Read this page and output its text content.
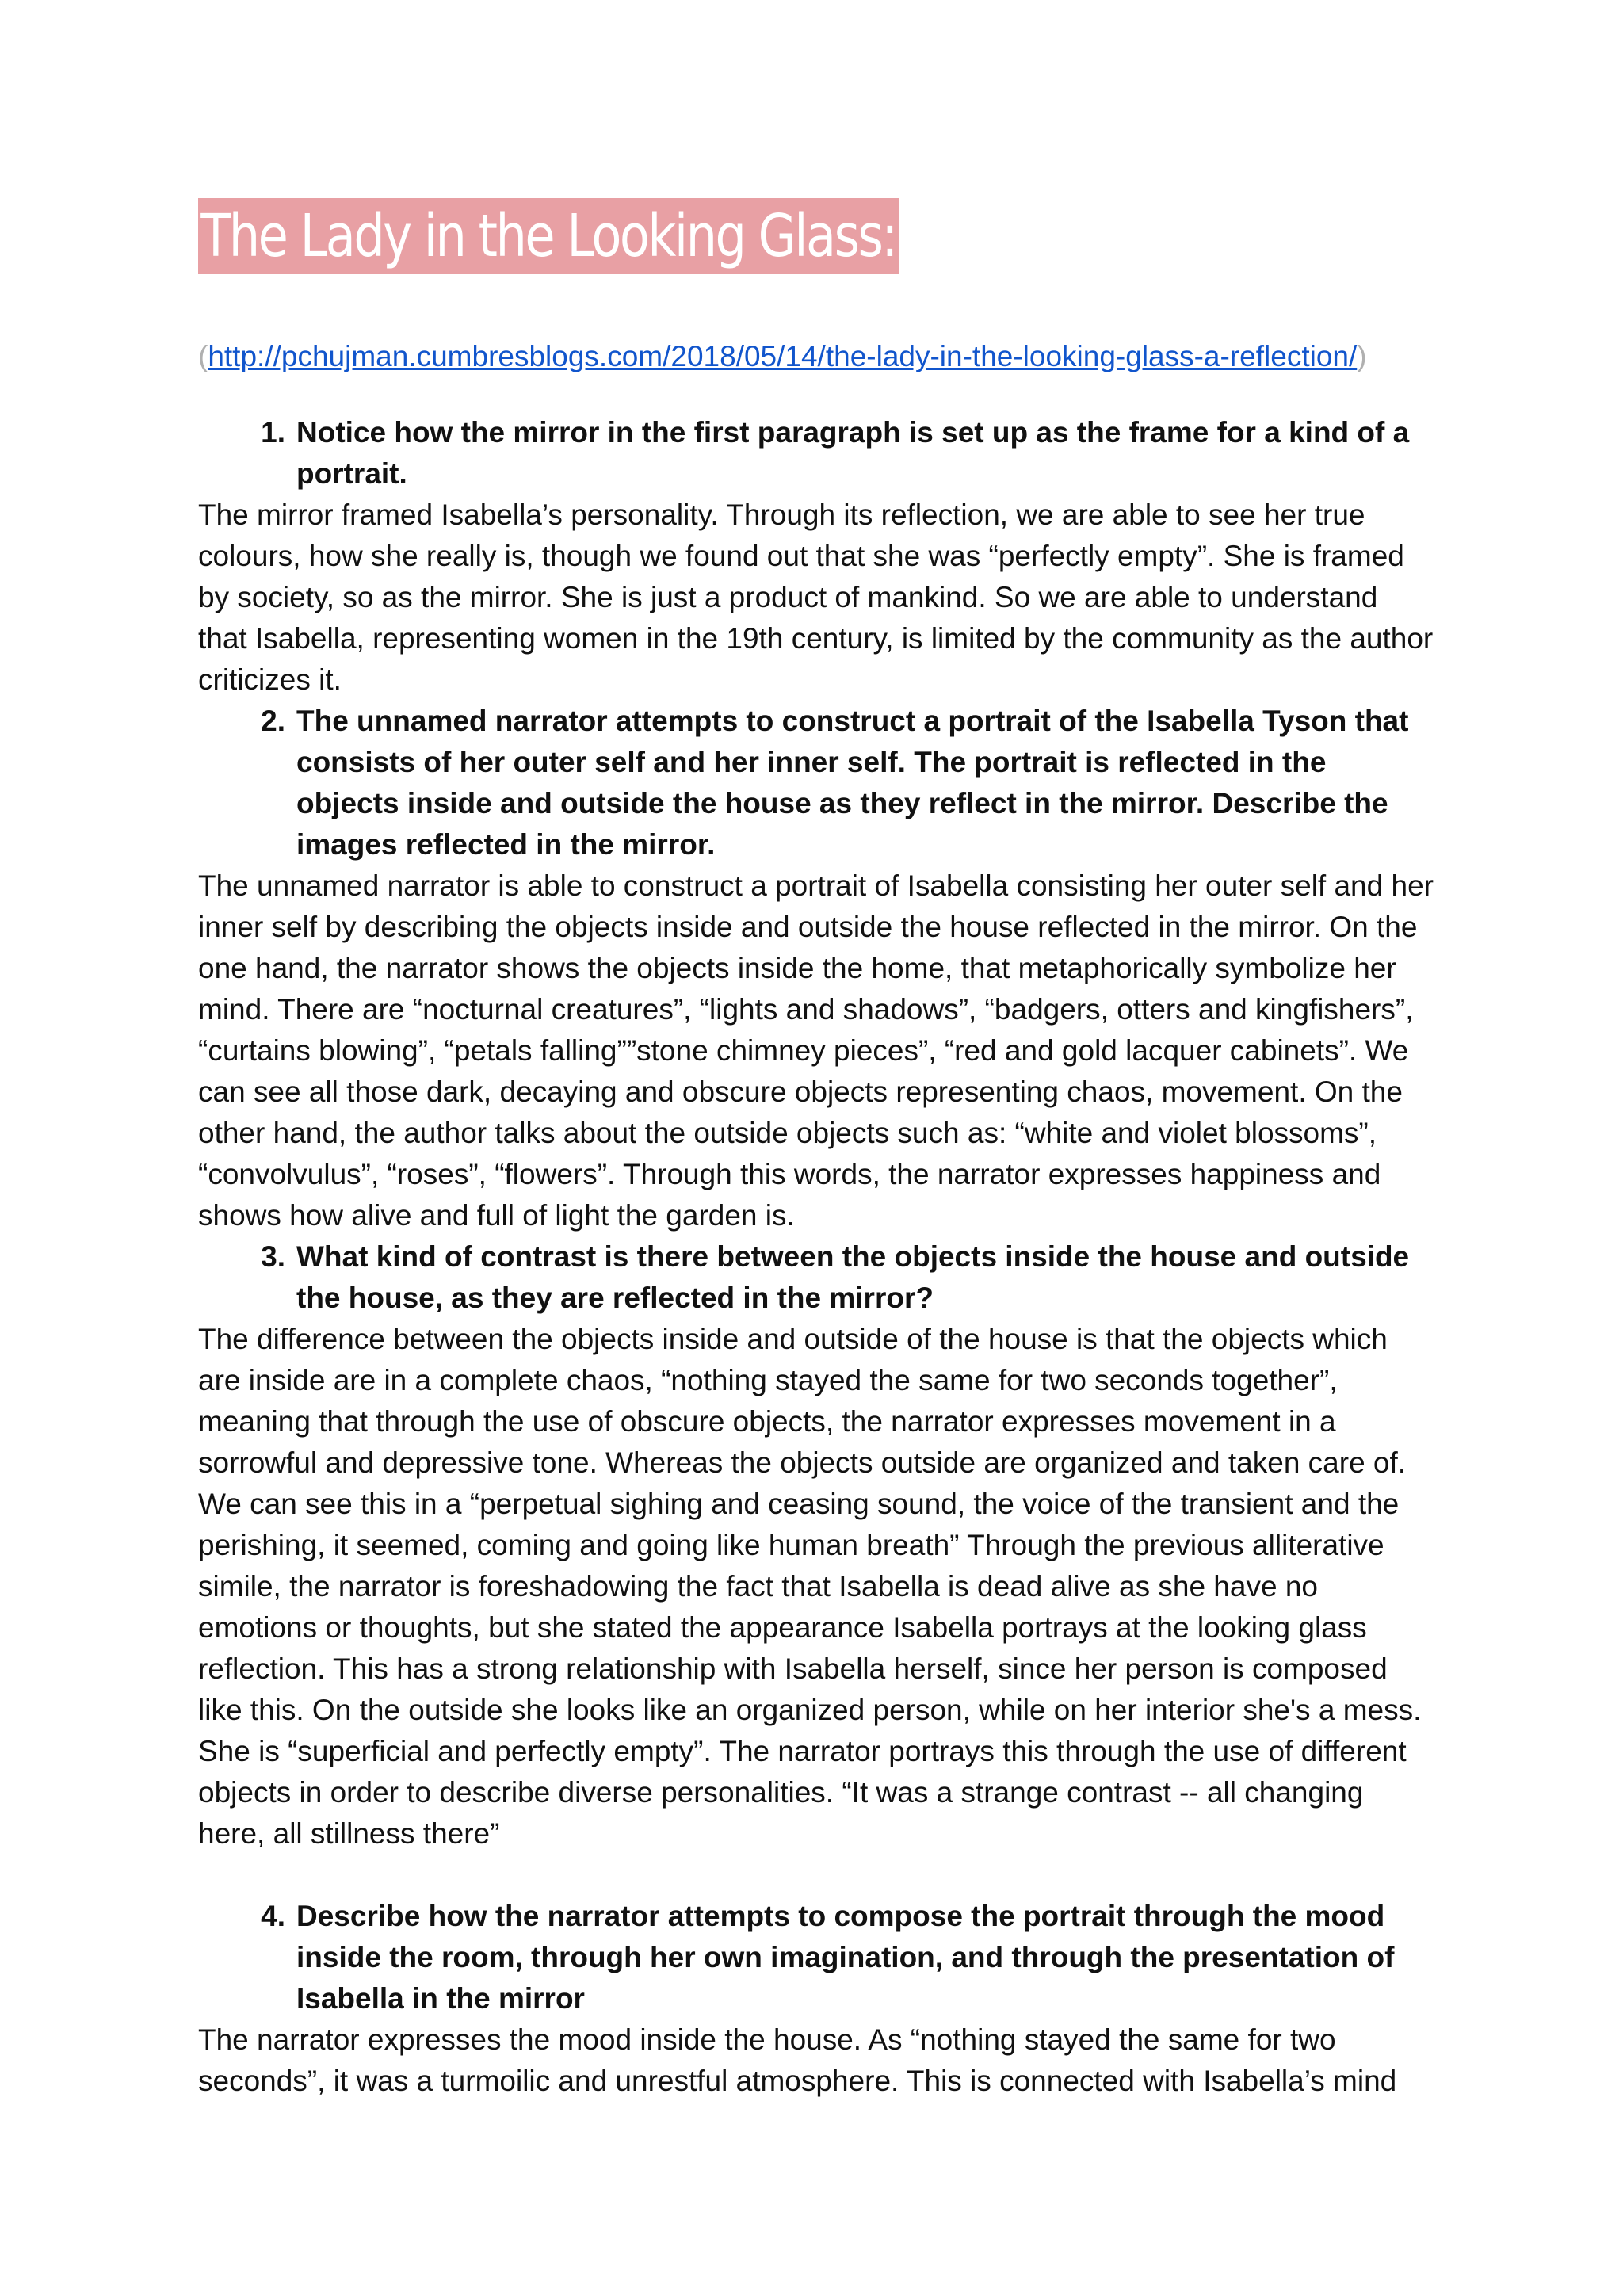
The Lady in the Looking Glass:
(http://pchujman.cumbresblogs.com/2018/05/14/the-lady-in-the-looking-glass-a-reflection/)
1. Notice how the mirror in the first paragraph is set up as the frame for a kind of a portrait.

The mirror framed Isabella’s personality. Through its reflection, we are able to see her true colours, how she really is, though we found out that she was “perfectly empty”. She is framed by society, so as the mirror. She is just a product of mankind. So we are able to understand that Isabella, representing women in the 19th century, is limited by the community as the author criticizes it.

2. The unnamed narrator attempts to construct a portrait of the Isabella Tyson that consists of her outer self and her inner self. The portrait is reflected in the objects inside and outside the house as they reflect in the mirror. Describe the images reflected in the mirror.

The unnamed narrator is able to construct a portrait of Isabella consisting her outer self and her inner self by describing the objects inside and outside the house reflected in the mirror. On the one hand, the narrator shows the objects inside the home, that metaphorically symbolize her mind. There are “nocturnal creatures”, “lights and shadows”, “badgers, otters and kingfishers”, “curtains blowing”, “petals falling””stone chimney pieces”, “red and gold lacquer cabinets”. We can see all those dark, decaying and obscure objects representing chaos, movement. On the other hand, the author talks about the outside objects such as: “white and violet blossoms”, “convolvulus”, “roses”, “flowers”. Through this words, the narrator expresses happiness and shows how alive and full of light the garden is.

3. What kind of contrast is there between the objects inside the house and outside the house, as they are reflected in the mirror?

The difference between the objects inside and outside of the house is that the objects which are inside are in a complete chaos, “nothing stayed the same for two seconds together”, meaning that through the use of obscure objects, the narrator expresses movement in a sorrowful and depressive tone. Whereas the objects outside are organized and taken care of. We can see this in a “perpetual sighing and ceasing sound, the voice of the transient and the perishing, it seemed, coming and going like human breath” Through the previous alliterative simile, the narrator is foreshadowing the fact that Isabella is dead alive as she have no emotions or thoughts, but she stated the appearance Isabella portrays at the looking glass reflection. This has a strong relationship with Isabella herself, since her person is composed like this. On the outside she looks like an organized person, while on her interior she's a mess. She is “superficial and perfectly empty”. The narrator portrays this through the use of different objects in order to describe diverse personalities. “It was a strange contrast -- all changing here, all stillness there”

4. Describe how the narrator attempts to compose the portrait through the mood inside the room, through her own imagination, and through the presentation of Isabella in the mirror

The narrator expresses the mood inside the house. As “nothing stayed the same for two seconds”, it was a turmoilic and unrestful atmosphere. This is connected with Isabella’s mind
